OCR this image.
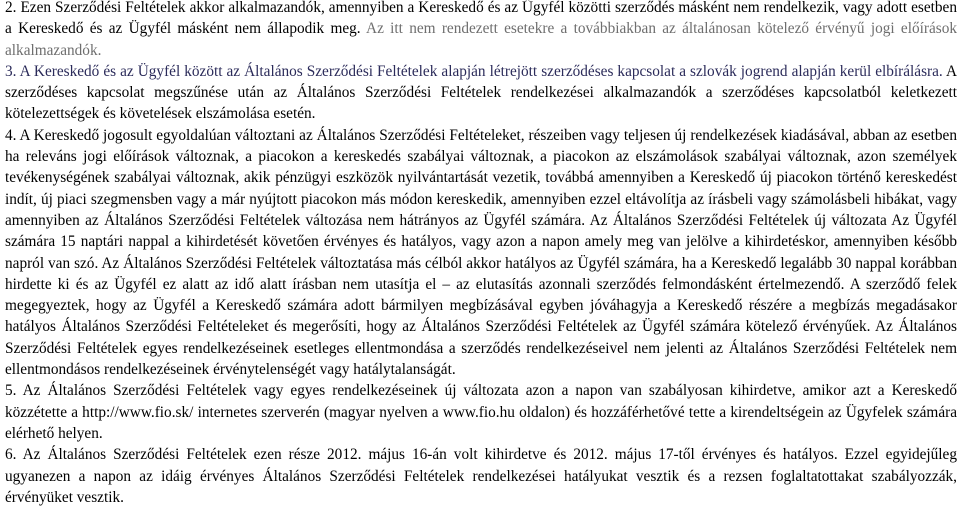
2. Ezen Szerződési Feltételek akkor alkalmazandók, amennyiben a Kereskedő és az Ügyfél közötti szerződés másként nem rendelkezik, vagy adott esetben a Kereskedő és az Ügyfél másként nem állapodik meg. Az itt nem rendezett esetekre a továbbiakban az általánosan kötelező érvényű jogi előírások alkalmazandók.

3. A Kereskedő és az Ügyfél között az Általános Szerződési Feltételek alapján létrejött szerződéses kapcsolat a szlovák jogrend alapján kerül elbírálásra. A szerződéses kapcsolat megszűnése után az Általános Szerződési Feltételek rendelkezései alkalmazandók a szerződéses kapcsolatból keletkezett kötelezettségek és követelések elszámolása esetén.

4. A Kereskedő jogosult egyoldalúan változtani az Általános Szerződési Feltételeket, részeiben vagy teljesen új rendelkezések kiadásával, abban az esetben ha releváns jogi előírások változnak, a piacokon a kereskedés szabályai változnak, a piacokon az elszámolások szabályai változnak, azon személyek tevékenységének szabályai változnak, akik pénzügyi eszközök nyilvántartását vezetik, továbbá amennyiben a Kereskedő új piacokon történő kereskedést indít, új piaci szegmensben vagy a már nyújtott piacokon más módon kereskedik, amennyiben ezzel eltávolítja az írásbeli vagy számolásbeli hibákat, vagy amennyiben az Általános Szerződési Feltételek változása nem hátrányos az Ügyfél számára. Az Általános Szerződési Feltételek új változata Az Ügyfél számára 15 naptári nappal a kihirdetését követően érvényes és hatályos, vagy azon a napon amely meg van jelölve a kihirdetéskor, amennyiben később napról van szó. Az Általános Szerződési Feltételek változtatása más célból akkor hatályos az Ügyfél számára, ha a Kereskedő legalább 30 nappal korábban hirdette ki és az Ügyfél ez alatt az idő alatt írásban nem utasítja el – az elutasítás azonnali szerződés felmondásként értelmezendő. A szerződő felek megegyeztek, hogy az Ügyfél a Kereskedő számára adott bármilyen megbízásával egyben jóváhagyja a Kereskedő részére a megbízás megadásakor hatályos Általános Szerződési Feltételeket és megerősíti, hogy az Általános Szerződési Feltételek az Ügyfél számára kötelező érvényűek. Az Általános Szerződési Feltételek egyes rendelkezéseinek esetleges ellentmondása a szerződés rendelkezéseivel nem jelenti az Általános Szerződési Feltételek nem ellentmondásos rendelkezéseinek érvénytelenségét vagy hatálytalanságát.

5. Az Általános Szerződési Feltételek vagy egyes rendelkezéseinek új változata azon a napon van szabályosan kihirdetve, amikor azt a Kereskedő közzétette a http://www.fio.sk/ internetes szerverén (magyar nyelven a www.fio.hu oldalon) és hozzáférhetővé tette a kirendeltségein az Ügyfelek számára elérhető helyen.

6. Az Általános Szerződési Feltételek ezen része 2012. május 16-án volt kihirdetve és 2012. május 17-től érvényes és hatályos. Ezzel egyidejűleg ugyanezen a napon az idáig érvényes Általános Szerződési Feltételek rendelkezései hatályukat vesztik és a rezsen foglaltatottakat szabályozzák, érvényüket vesztik.
